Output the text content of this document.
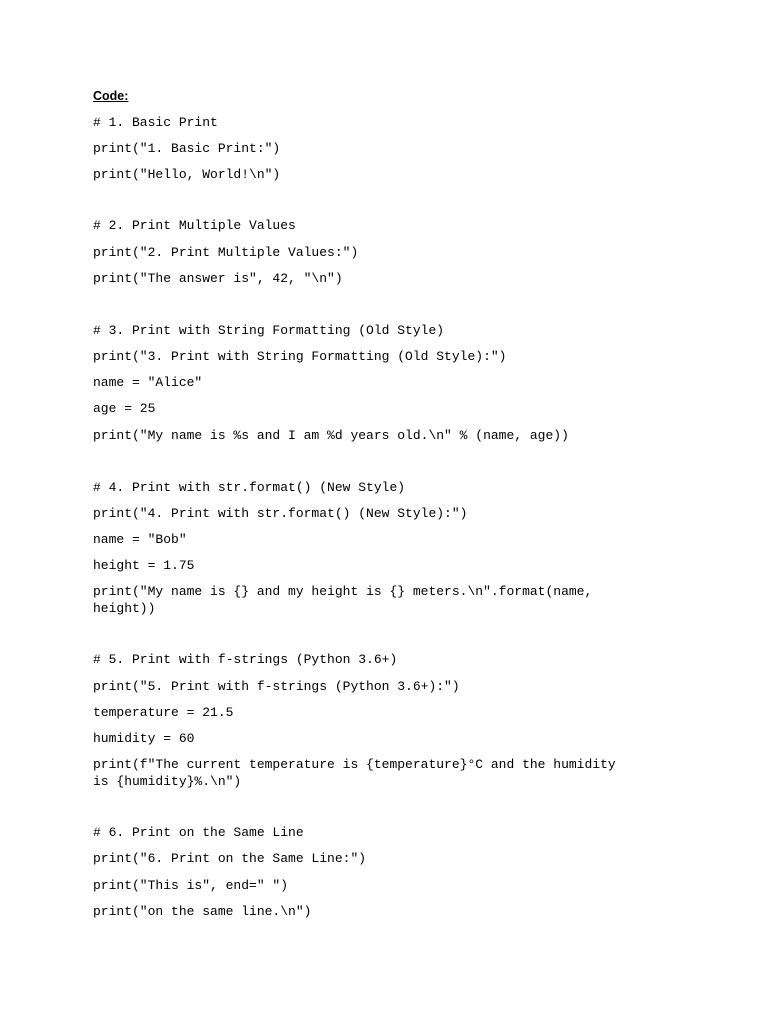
Code:

# 1. Basic Print

print("1. Basic Print:")

print("Hello, World!\n")

# 2. Print Multiple Values

print("2. Print Multiple Values:")

print("The answer is", 42, "\n")

# 3. Print with String Formatting (Old Style)

print("3. Print with String Formatting (Old Style):")

name = "Alice"

age = 25

print("My name is %s and I am %d years old.\n" % (name, age))

# 4. Print with str.format() (New Style)

print("4. Print with str.format() (New Style):")

name = "Bob"

height = 1.75

print("My name is {} and my height is {} meters.\n".format(name,
height))

# 5. Print with f-strings (Python 3.6+)

print("5. Print with f-strings (Python 3.6+):")

temperature = 21.5

humidity = 60

print(f"The current temperature is {temperature}°C and the humidity
is {humidity}%.\n")

# 6. Print on the Same Line

print("6. Print on the Same Line:")

print("This is", end=" ")

print("on the same line.\n")
